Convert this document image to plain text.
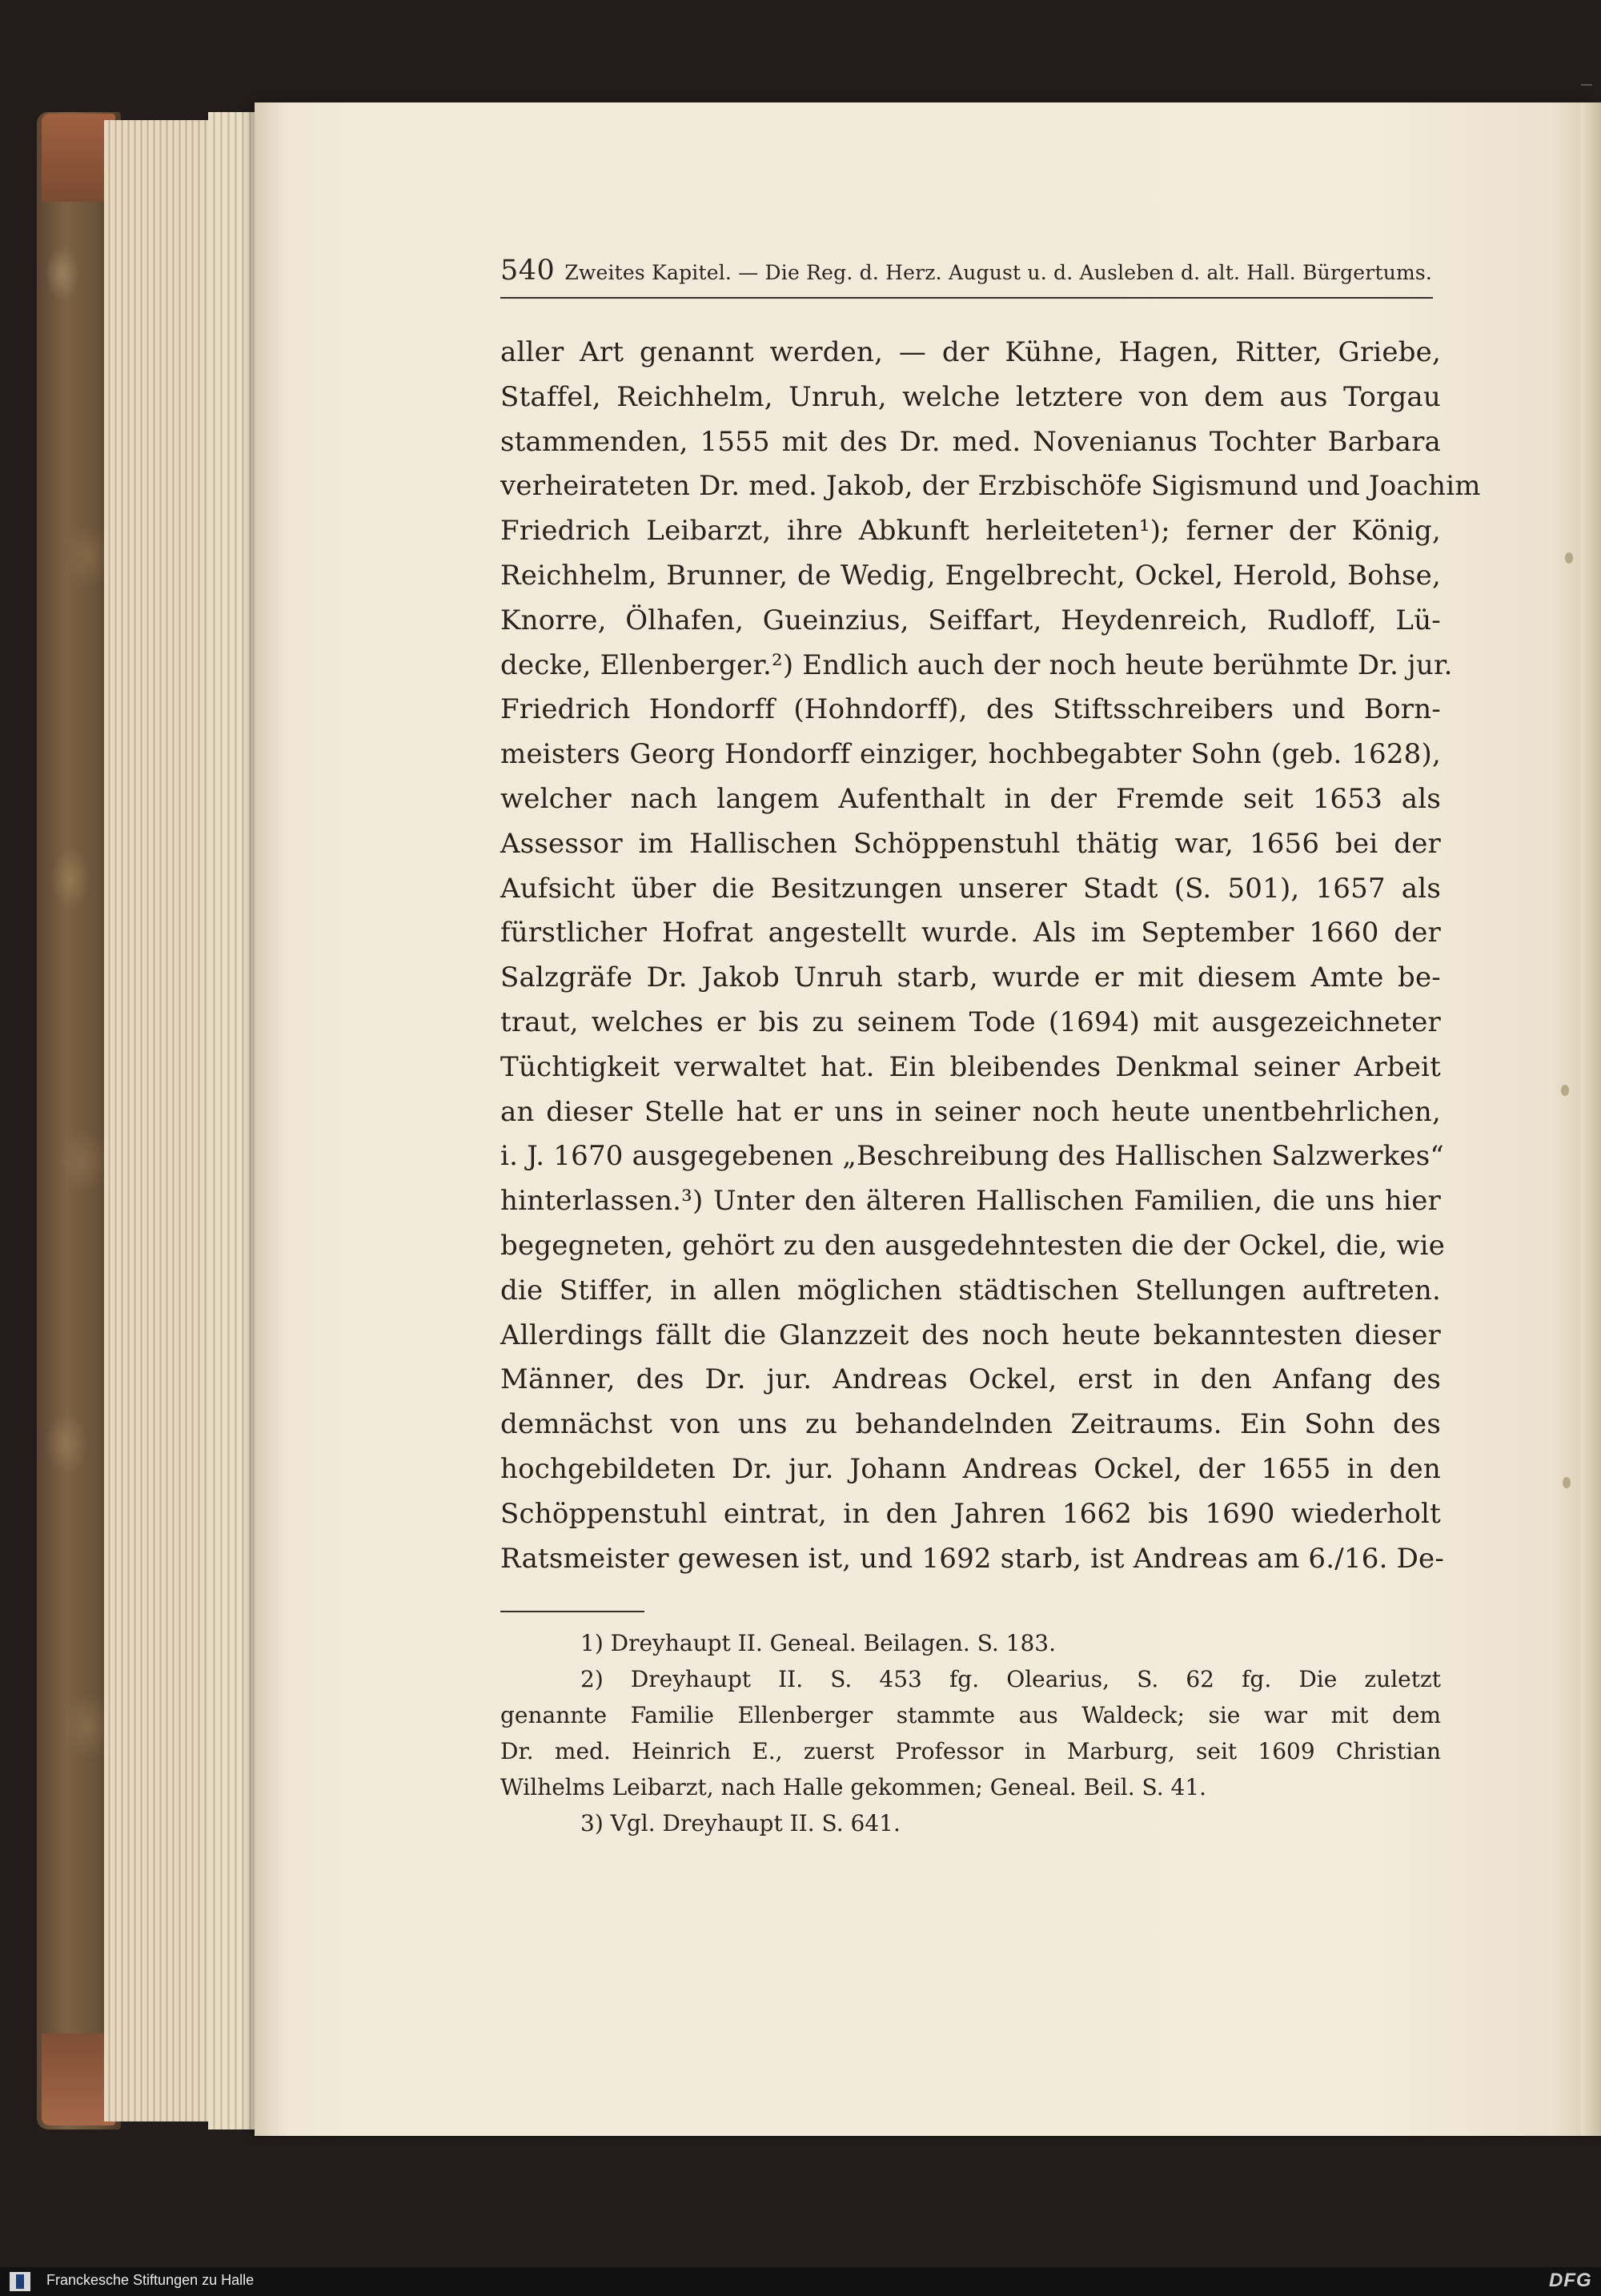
540 Zweites Kapitel. — Die Reg. d. Herz. August u. d. Ausleben d. alt. Hall. Bürgertums.
aller Art genannt werden, — der Kühne, Hagen, Ritter, Griebe,
Staffel, Reichhelm, Unruh, welche letztere von dem aus Torgau
stammenden, 1555 mit des Dr. med. Novenianus Tochter Barbara
verheirateten Dr. med. Jakob, der Erzbischöfe Sigismund und Joachim
Friedrich Leibarzt, ihre Abkunft herleiteten¹); ferner der König,
Reichhelm, Brunner, de Wedig, Engelbrecht, Ockel, Herold, Bohse,
Knorre, Ölhafen, Gueinzius, Seiffart, Heydenreich, Rudloff, Lü-
decke, Ellenberger.²) Endlich auch der noch heute berühmte Dr. jur.
Friedrich Hondorff (Hohndorff), des Stiftsschreibers und Born-
meisters Georg Hondorff einziger, hochbegabter Sohn (geb. 1628),
welcher nach langem Aufenthalt in der Fremde seit 1653 als
Assessor im Hallischen Schöppenstuhl thätig war, 1656 bei der
Aufsicht über die Besitzungen unserer Stadt (S. 501), 1657 als
fürstlicher Hofrat angestellt wurde. Als im September 1660 der
Salzgräfe Dr. Jakob Unruh starb, wurde er mit diesem Amte be-
traut, welches er bis zu seinem Tode (1694) mit ausgezeichneter
Tüchtigkeit verwaltet hat. Ein bleibendes Denkmal seiner Arbeit
an dieser Stelle hat er uns in seiner noch heute unentbehrlichen,
i. J. 1670 ausgegebenen „Beschreibung des Hallischen Salzwerkes“
hinterlassen.³) Unter den älteren Hallischen Familien, die uns hier
begegneten, gehört zu den ausgedehntesten die der Ockel, die, wie
die Stiffer, in allen möglichen städtischen Stellungen auftreten.
Allerdings fällt die Glanzzeit des noch heute bekanntesten dieser
Männer, des Dr. jur. Andreas Ockel, erst in den Anfang des
demnächst von uns zu behandelnden Zeitraums. Ein Sohn des
hochgebildeten Dr. jur. Johann Andreas Ockel, der 1655 in den
Schöppenstuhl eintrat, in den Jahren 1662 bis 1690 wiederholt
Ratsmeister gewesen ist, und 1692 starb, ist Andreas am 6./16. De-
1) Dreyhaupt II. Geneal. Beilagen. S. 183.
2) Dreyhaupt II. S. 453 fg. Olearius, S. 62 fg. Die zuletzt
genannte Familie Ellenberger stammte aus Waldeck; sie war mit dem
Dr. med. Heinrich E., zuerst Professor in Marburg, seit 1609 Christian
Wilhelms Leibarzt, nach Halle gekommen; Geneal. Beil. S. 41.
3) Vgl. Dreyhaupt II. S. 641.
Franckesche Stiftungen zu Halle	DFG
